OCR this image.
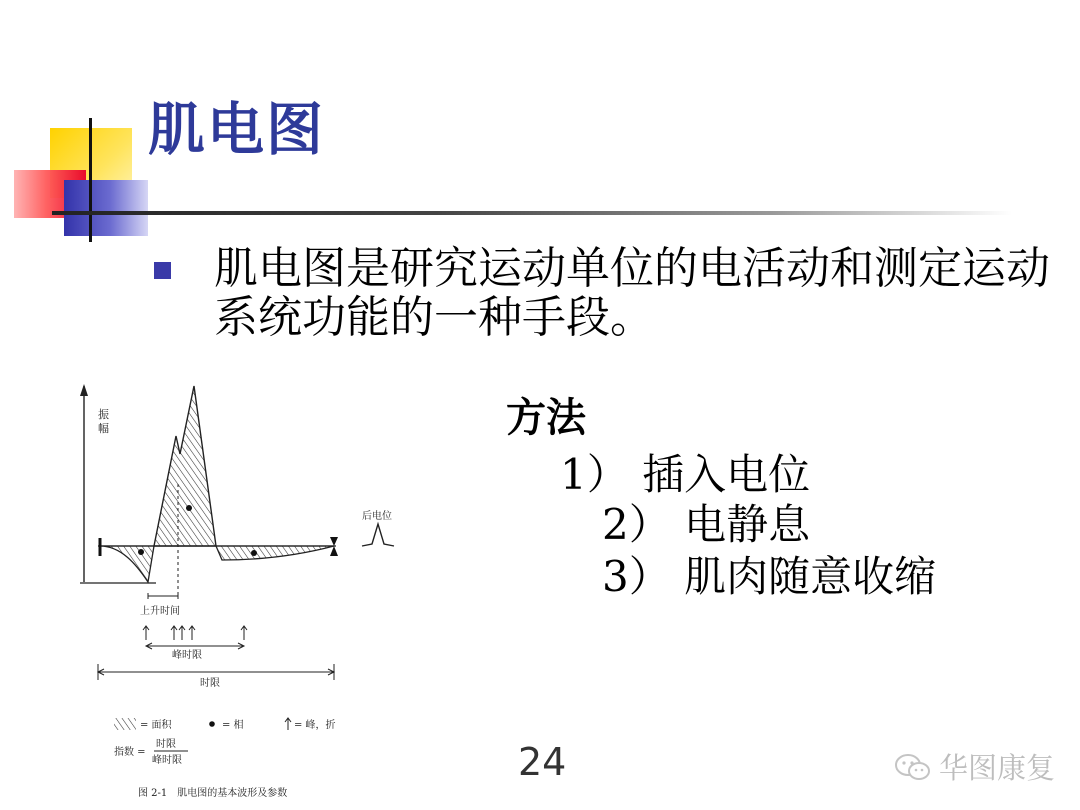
肌电图
肌电图是研究运动单位的电活动和测定运动系统功能的一种手段。
方法
1） 插入电位
2） 电静息
3） 肌肉随意收缩
24	华图康复
振
幅
后电位
上升时间
峰时限
时限
= 面积	= 相	= 峰，折
指数 =
时限
峰时限
图 2-1　肌电图的基本波形及参数
